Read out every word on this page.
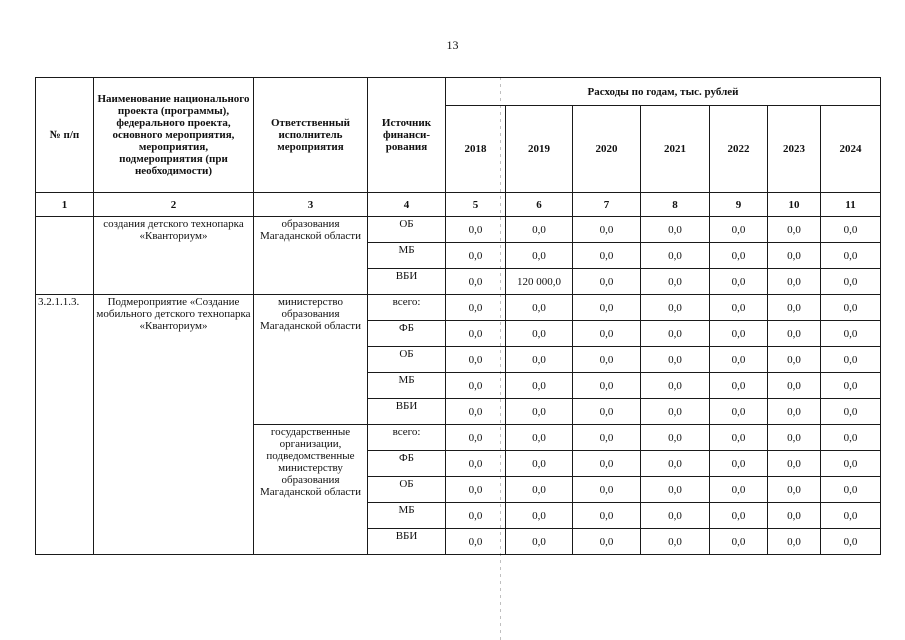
13
№ п/п	Наименование национального проекта (программы), федерального проекта, основного мероприятия, мероприятия, подмероприятия (при необходимости)	Ответственный исполнитель мероприятия	Источник финанси-рования	Расходы по годам, тыс. рублей						
				2018	2019	2020	2021	2022	2023	2024
1	2	3	4	5	6	7	8	9	10	11
	создания детского технопарка «Кванториум»	образования Магаданской области	ОБ	0,0	0,0	0,0	0,0	0,0	0,0	0,0
			МБ	0,0	0,0	0,0	0,0	0,0	0,0	0,0
			ВБИ	0,0	120 000,0	0,0	0,0	0,0	0,0	0,0
3.2.1.1.3.	Подмероприятие «Создание мобильного детского технопарка «Кванториум»	министерство образования Магаданской области	всего:	0,0	0,0	0,0	0,0	0,0	0,0	0,0
			ФБ	0,0	0,0	0,0	0,0	0,0	0,0	0,0
			ОБ	0,0	0,0	0,0	0,0	0,0	0,0	0,0
			МБ	0,0	0,0	0,0	0,0	0,0	0,0	0,0
			ВБИ	0,0	0,0	0,0	0,0	0,0	0,0	0,0
		государственные организации, подведомственные министерству образования Магаданской области	всего:	0,0	0,0	0,0	0,0	0,0	0,0	0,0
			ФБ	0,0	0,0	0,0	0,0	0,0	0,0	0,0
			ОБ	0,0	0,0	0,0	0,0	0,0	0,0	0,0
			МБ	0,0	0,0	0,0	0,0	0,0	0,0	0,0
			ВБИ	0,0	0,0	0,0	0,0	0,0	0,0	0,0
